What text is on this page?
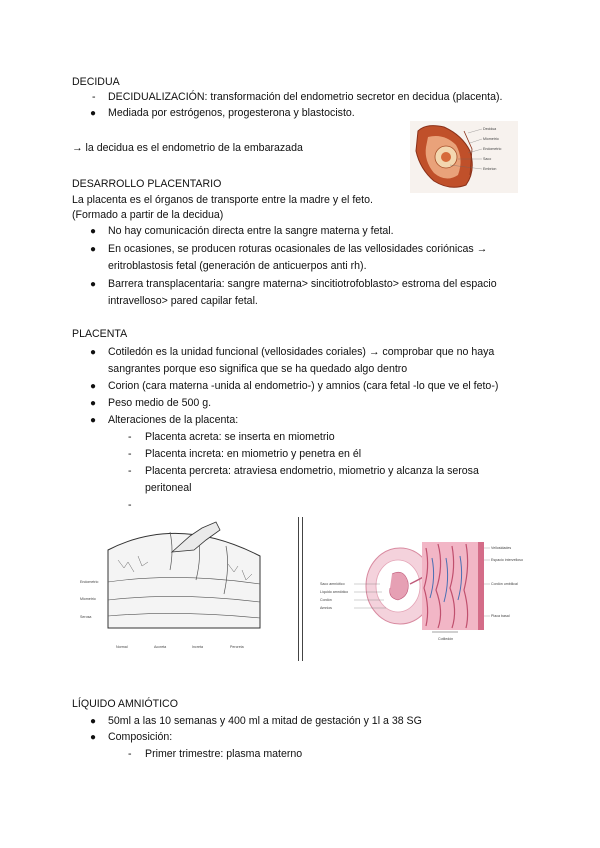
DECIDUA
- DECIDUALIZACIÓN: transformación del endometrio secretor en decidua (placenta).
● Mediada por estrógenos, progesterona y blastocisto.
→ la decidua es el endometrio de la embarazada
Decidua
Miometrio
Endometrio
Saco
Embrion
DESARROLLO PLACENTARIO
La placenta es el órganos de transporte entre la madre y el feto.
(Formado a partir de la decidua)
● No hay comunicación directa entre la sangre materna y fetal.
● En ocasiones, se producen roturas ocasionales de las vellosidades coriónicas →
eritroblastosis fetal (generación de anticuerpos anti rh).
● Barrera transplacentaria: sangre materna> sincitiotrofoblasto> estroma del espacio
intravelloso> pared capilar fetal.
PLACENTA
● Cotiledón es la unidad funcional (vellosidades coriales) → comprobar que no haya
sangrantes porque eso significa que se ha quedado algo dentro
● Corion (cara materna -unida al endometrio-) y amnios (cara fetal -lo que ve el feto-)
● Peso medio de 500 g.
● Alteraciones de la placenta:
- Placenta acreta: se inserta en miometrio
- Placenta increta: en miometrio y penetra en él
- Placenta percreta: atraviesa endometrio, miometrio y alcanza la serosa
peritoneal
-
Endometrio
Miometrio
Serosa
Normal	Accreta	Increta	Percreta
Saco amniótico
Líquido amniótico
Cordón
Amnios
Vellosidades
Espacio intervelloso
Cordón umbilical
Placa basal
Cotiledón
LÍQUIDO AMNIÓTICO
● 50ml a las 10 semanas y 400 ml a mitad de gestación y 1l a 38 SG
● Composición:
- Primer trimestre: plasma materno
